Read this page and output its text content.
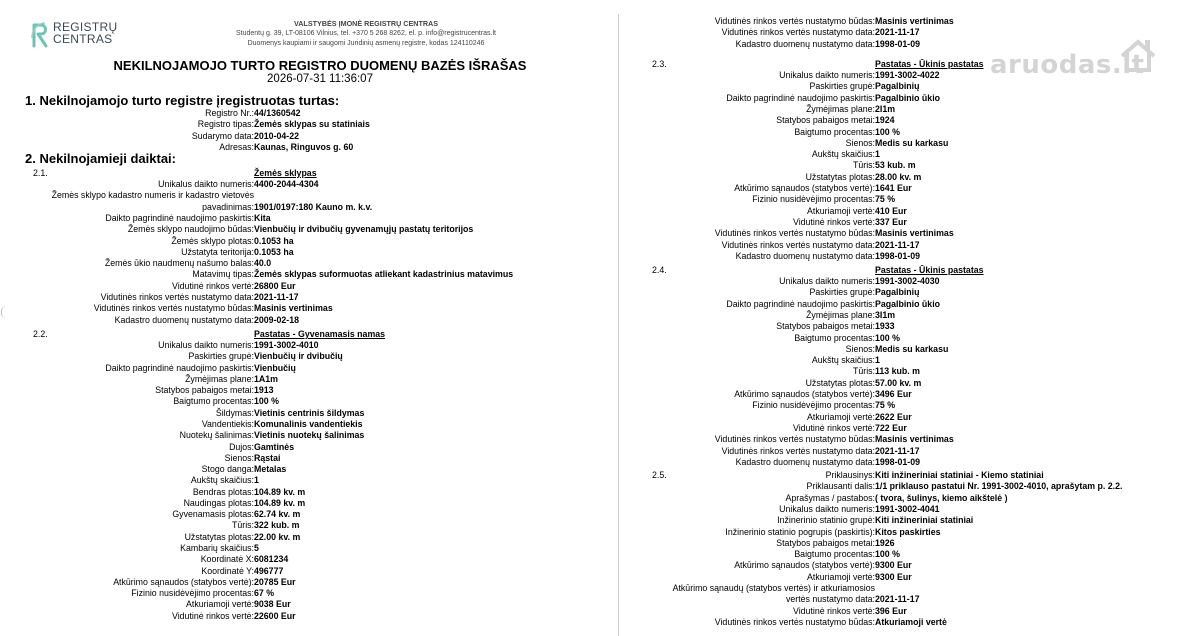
REGISTRŲ
CENTRAS
VALSTYBĖS ĮMONĖ REGISTRŲ CENTRAS
Studentų g. 39, LT-08106 Vilnius, tel. +370 5 268 8262, el. p. info@registrucentras.lt
Duomenys kaupiami ir saugomi Juridinių asmenų registre, kodas 124110246
NEKILNOJAMOJO TURTO REGISTRO DUOMENŲ BAZĖS IŠRAŠAS
2026-07-31 11:36:07
1. Nekilnojamojo turto registre įregistruotas turtas:
Registro Nr.: 44/1360542
Registro tipas: Žemės sklypas su statiniais
Sudarymo data: 2010-04-22
Adresas: Kaunas, Ringuvos g. 60
2. Nekilnojamieji daiktai:
2.1.	Žemės sklypas
Unikalus daikto numeris: 4400-2044-4304
Žemės sklypo kadastro numeris ir kadastro vietovės
pavadinimas: 1901/0197:180 Kauno m. k.v.
Daikto pagrindinė naudojimo paskirtis: Kita
Žemės sklypo naudojimo būdas: Vienbučių ir dvibučių gyvenamųjų pastatų teritorijos
Žemės sklypo plotas: 0.1053 ha
Užstatyta teritorija: 0.1053 ha
Žemės ūkio naudmenų našumo balas: 40.0
Matavimų tipas: Žemės sklypas suformuotas atliekant kadastrinius matavimus
Vidutinė rinkos vertė: 26800 Eur
Vidutinės rinkos vertės nustatymo data: 2021-11-17
Vidutinės rinkos vertės nustatymo būdas: Masinis vertinimas
Kadastro duomenų nustatymo data: 2009-02-18
2.2.	Pastatas - Gyvenamasis namas
Unikalus daikto numeris: 1991-3002-4010
Paskirties grupė: Vienbučių ir dvibučių
Daikto pagrindinė naudojimo paskirtis: Vienbučių
Žymėjimas plane: 1A1m
Statybos pabaigos metai: 1913
Baigtumo procentas: 100 %
Šildymas: Vietinis centrinis šildymas
Vandentiekis: Komunalinis vandentiekis
Nuotekų šalinimas: Vietinis nuotekų šalinimas
Dujos: Gamtinės
Sienos: Rąstai
Stogo danga: Metalas
Aukštų skaičius: 1
Bendras plotas: 104.89 kv. m
Naudingas plotas: 104.89 kv. m
Gyvenamasis plotas: 62.74 kv. m
Tūris: 322 kub. m
Užstatytas plotas: 22.00 kv. m
Kambarių skaičius: 5
Koordinatė X: 6081234
Koordinatė Y: 496777
Atkūrimo sąnaudos (statybos vertė): 20785 Eur
Fizinio nusidėvėjimo procentas: 67 %
Atkuriamoji vertė: 9038 Eur
Vidutinė rinkos vertė: 22600 Eur
Vidutinės rinkos vertės nustatymo būdas: Masinis vertinimas
Vidutinės rinkos vertės nustatymo data: 2021-11-17
Kadastro duomenų nustatymo data: 1998-01-09
2.3.	Pastatas - Ūkinis pastatas
Unikalus daikto numeris: 1991-3002-4022
Paskirties grupė: Pagalbinių
Daikto pagrindinė naudojimo paskirtis: Pagalbinio ūkio
Žymėjimas plane: 2I1m
Statybos pabaigos metai: 1924
Baigtumo procentas: 100 %
Sienos: Medis su karkasu
Aukštų skaičius: 1
Tūris: 53 kub. m
Užstatytas plotas: 28.00 kv. m
Atkūrimo sąnaudos (statybos vertė): 1641 Eur
Fizinio nusidėvėjimo procentas: 75 %
Atkuriamoji vertė: 410 Eur
Vidutinė rinkos vertė: 337 Eur
Vidutinės rinkos vertės nustatymo būdas: Masinis vertinimas
Vidutinės rinkos vertės nustatymo data: 2021-11-17
Kadastro duomenų nustatymo data: 1998-01-09
2.4.	Pastatas - Ūkinis pastatas
Unikalus daikto numeris: 1991-3002-4030
Paskirties grupė: Pagalbinių
Daikto pagrindinė naudojimo paskirtis: Pagalbinio ūkio
Žymėjimas plane: 3I1m
Statybos pabaigos metai: 1933
Baigtumo procentas: 100 %
Sienos: Medis su karkasu
Aukštų skaičius: 1
Tūris: 113 kub. m
Užstatytas plotas: 57.00 kv. m
Atkūrimo sąnaudos (statybos vertė): 3496 Eur
Fizinio nusidėvėjimo procentas: 75 %
Atkuriamoji vertė: 2622 Eur
Vidutinė rinkos vertė: 722 Eur
Vidutinės rinkos vertės nustatymo būdas: Masinis vertinimas
Vidutinės rinkos vertės nustatymo data: 2021-11-17
Kadastro duomenų nustatymo data: 1998-01-09
2.5.	Priklausinys: Kiti inžineriniai statiniai - Kiemo statiniai
Priklausanti dalis: 1/1 priklauso pastatui Nr. 1991-3002-4010, aprašytam p. 2.2.
Aprašymas / pastabos: ( tvora, šulinys, kiemo aikštelė )
Unikalus daikto numeris: 1991-3002-4041
Inžinerinio statinio grupė: Kiti inžineriniai statiniai
Inžinerinio statinio pogrupis (paskirtis): Kitos paskirties
Statybos pabaigos metai: 1926
Baigtumo procentas: 100 %
Atkūrimo sąnaudos (statybos vertė): 9300 Eur
Atkuriamoji vertė: 9300 Eur
Atkūrimo sąnaudų (statybos vertės) ir atkuriamosios
vertės nustatymo data: 2021-11-17
Vidutinė rinkos vertė: 396 Eur
Vidutinės rinkos vertės nustatymo būdas: Atkuriamoji vertė
aruodas.lt
